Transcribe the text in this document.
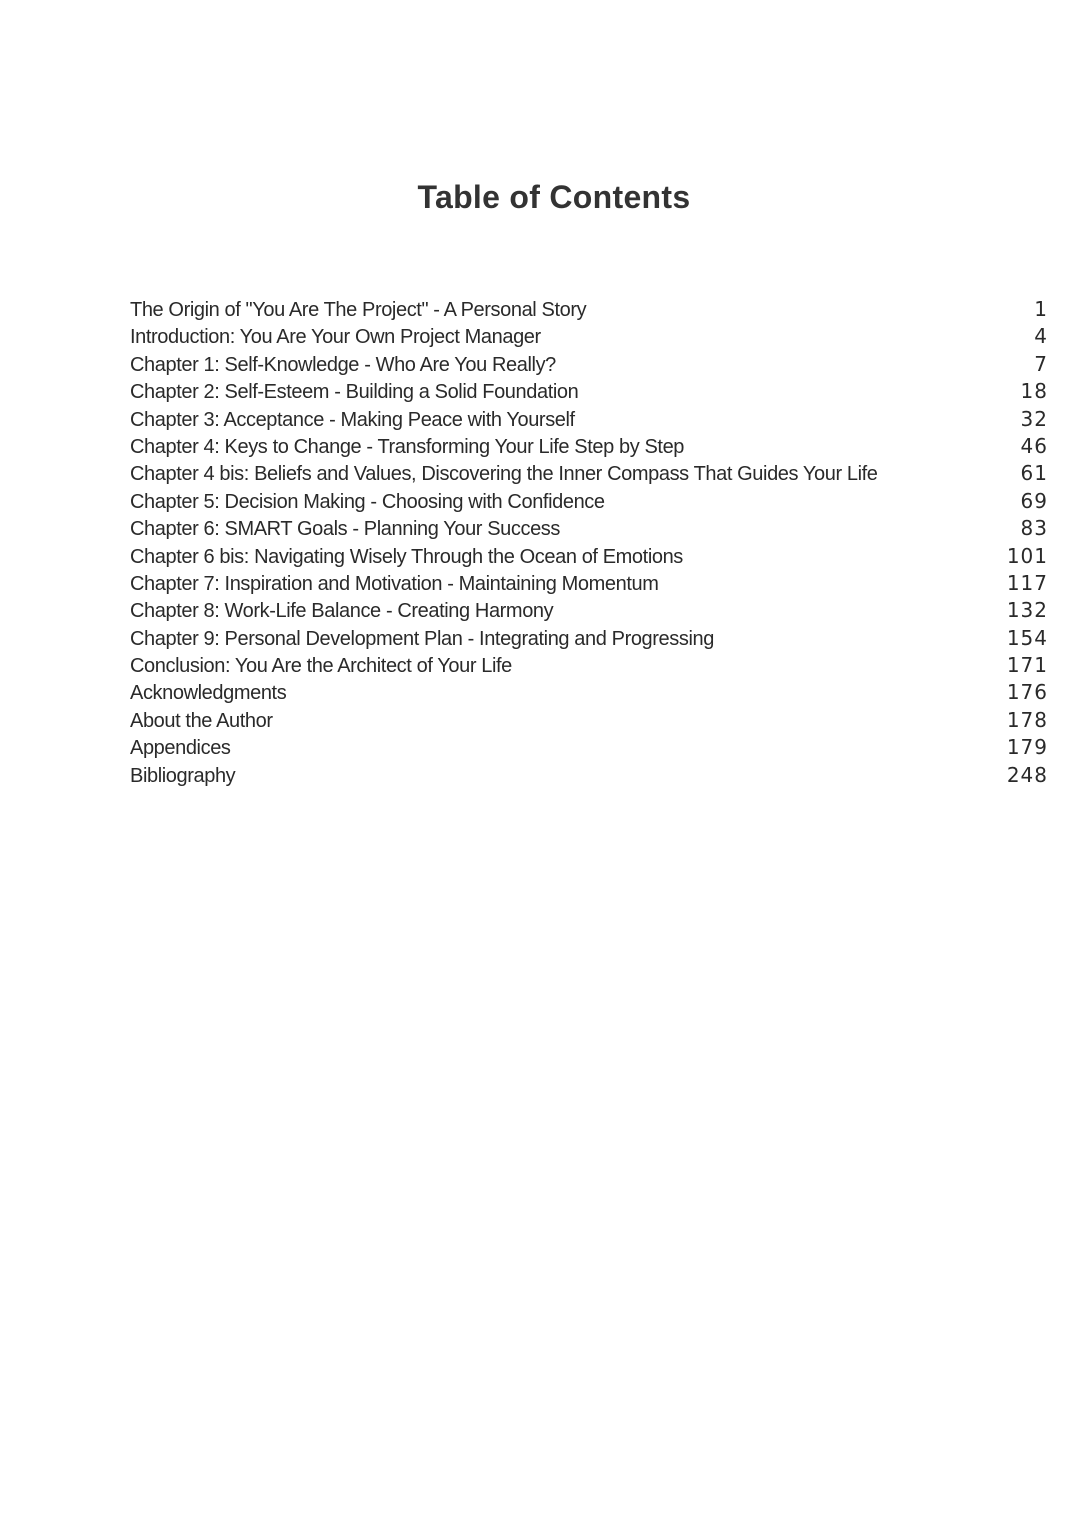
Table of Contents
The Origin of "You Are The Project" - A Personal Story	1
Introduction: You Are Your Own Project Manager	4
Chapter 1: Self-Knowledge - Who Are You Really?	7
Chapter 2: Self-Esteem - Building a Solid Foundation	18
Chapter 3: Acceptance - Making Peace with Yourself	32
Chapter 4: Keys to Change - Transforming Your Life Step by Step	46
Chapter 4 bis: Beliefs and Values, Discovering the Inner Compass That Guides Your Life	61
Chapter 5: Decision Making - Choosing with Confidence	69
Chapter 6: SMART Goals - Planning Your Success	83
Chapter 6 bis: Navigating Wisely Through the Ocean of Emotions	101
Chapter 7: Inspiration and Motivation - Maintaining Momentum	117
Chapter 8: Work-Life Balance - Creating Harmony	132
Chapter 9: Personal Development Plan - Integrating and Progressing	154
Conclusion: You Are the Architect of Your Life	171
Acknowledgments	176
About the Author	178
Appendices	179
Bibliography	248
